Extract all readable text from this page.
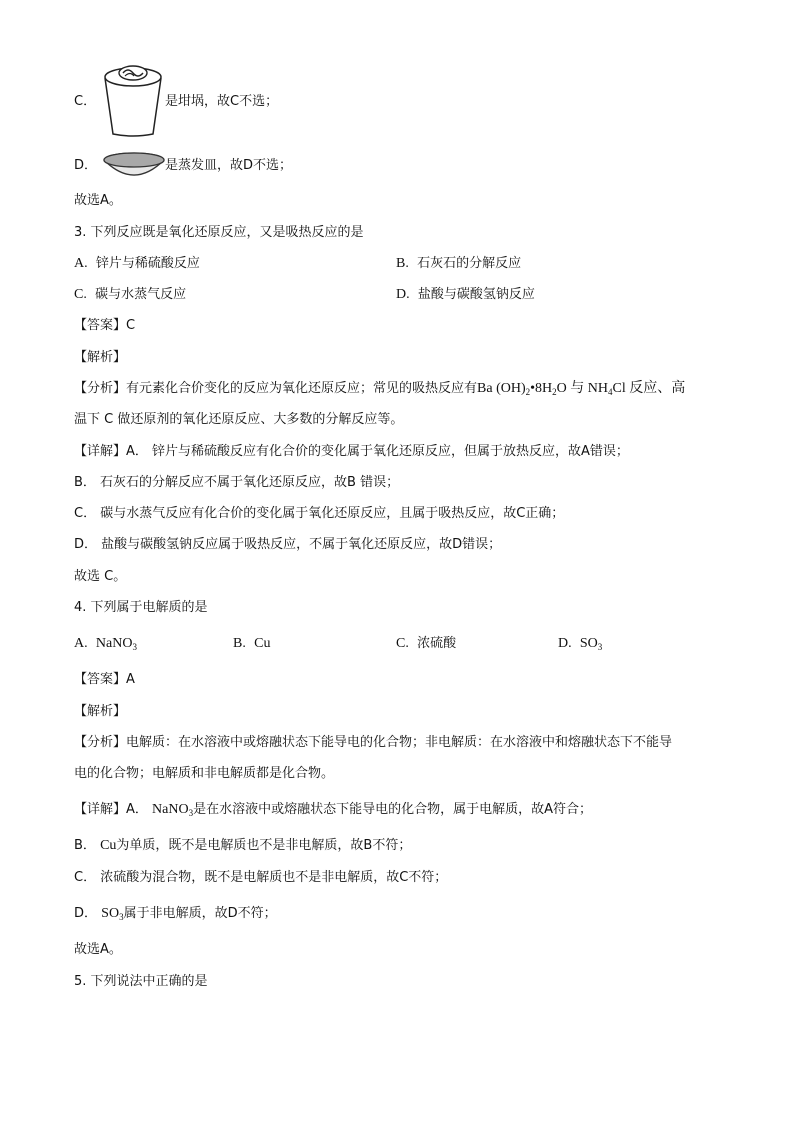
C．	是坩埚，故C不选；
D．	是蒸发皿，故D不选；
故选A。
3. 下列反应既是氧化还原反应，又是吸热反应的是
A. 锌片与稀硫酸反应	B. 石灰石的分解反应
C. 碳与水蒸气反应	D. 盐酸与碳酸氢钠反应
【答案】C
【解析】
【分析】有元素化合价变化的反应为氧化还原反应；常见的吸热反应有Ba $(OH)_2•8H_2O$ 与 $NH_4Cl$ 反应、高
温下 C 做还原剂的氧化还原反应、大多数的分解反应等。
【详解】A． 锌片与稀硫酸反应有化合价的变化属于氧化还原反应，但属于放热反应，故A错误；
B． 石灰石的分解反应不属于氧化还原反应，故B 错误；
C． 碳与水蒸气反应有化合价的变化属于氧化还原反应，且属于吸热反应，故C正确；
D． 盐酸与碳酸氢钠反应属于吸热反应，不属于氧化还原反应，故D错误；
故选 C。
4. 下列属于电解质的是
A. NaNO$_3$	B. Cu	C. 浓硫酸	D. $SO_3$
【答案】A
【解析】
【分析】电解质：在水溶液中或熔融状态下能导电的化合物；非电解质：在水溶液中和熔融状态下不能导
电的化合物；电解质和非电解质都是化合物。
【详解】A． NaNO$_3$是在水溶液中或熔融状态下能导电的化合物，属于电解质，故A符合；
B． Cu为单质，既不是电解质也不是非电解质，故B不符；
C． 浓硫酸为混合物，既不是电解质也不是非电解质，故C不符；
D． $SO_3$属于非电解质，故D不符；
故选A。
5. 下列说法中正确的是
